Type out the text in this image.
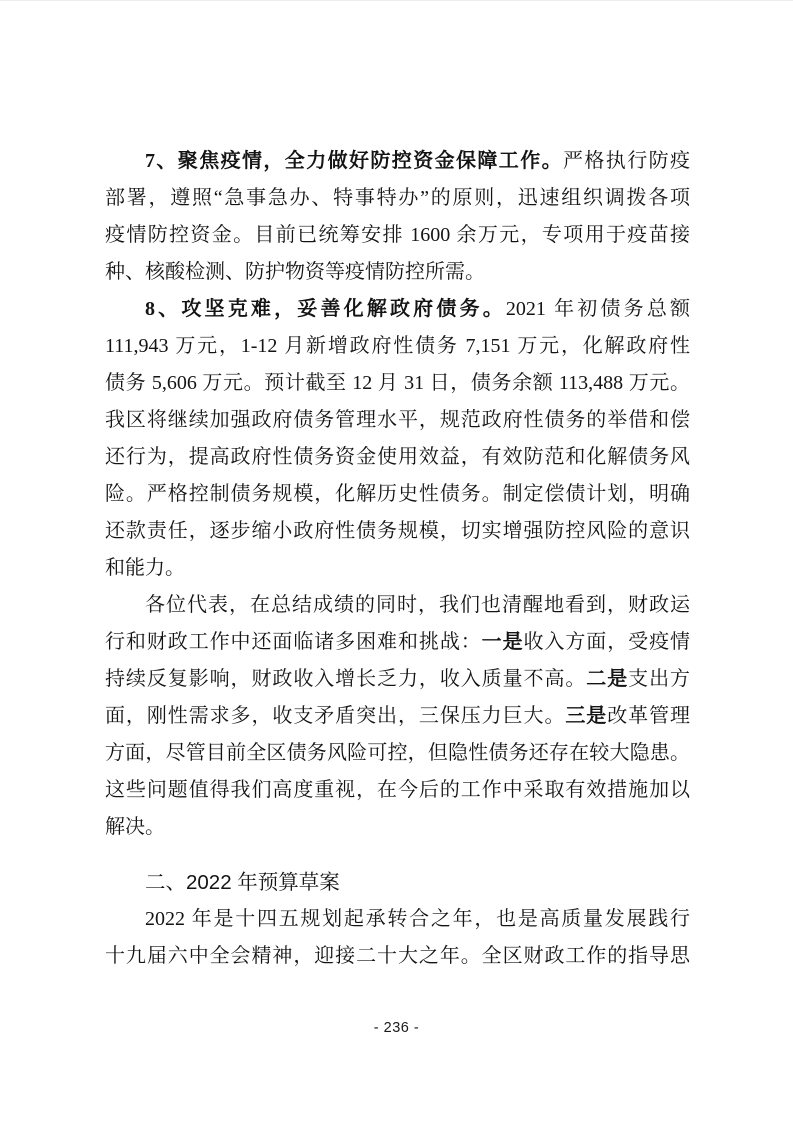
7、聚焦疫情，全力做好防控资金保障工作。严格执行防疫

部署，遵照“急事急办、特事特办”的原则，迅速组织调拨各项

疫情防控资金。目前已统筹安排 1600 余万元，专项用于疫苗接

种、核酸检测、防护物资等疫情防控所需。

8、攻坚克难，妥善化解政府债务。2021 年初债务总额

111,943 万元，1-12 月新增政府性债务 7,151 万元，化解政府性

债务 5,606 万元。预计截至 12 月 31 日，债务余额 113,488 万元。

我区将继续加强政府债务管理水平，规范政府性债务的举借和偿

还行为，提高政府性债务资金使用效益，有效防范和化解债务风

险。严格控制债务规模，化解历史性债务。制定偿债计划，明确

还款责任，逐步缩小政府性债务规模，切实增强防控风险的意识

和能力。

各位代表，在总结成绩的同时，我们也清醒地看到，财政运

行和财政工作中还面临诸多困难和挑战：一是收入方面，受疫情

持续反复影响，财政收入增长乏力，收入质量不高。二是支出方

面，刚性需求多，收支矛盾突出，三保压力巨大。三是改革管理

方面，尽管目前全区债务风险可控，但隐性债务还存在较大隐患。

这些问题值得我们高度重视，在今后的工作中采取有效措施加以

解决。

二、2022 年预算草案

2022 年是十四五规划起承转合之年，也是高质量发展践行

十九届六中全会精神，迎接二十大之年。全区财政工作的指导思

- 236 -
